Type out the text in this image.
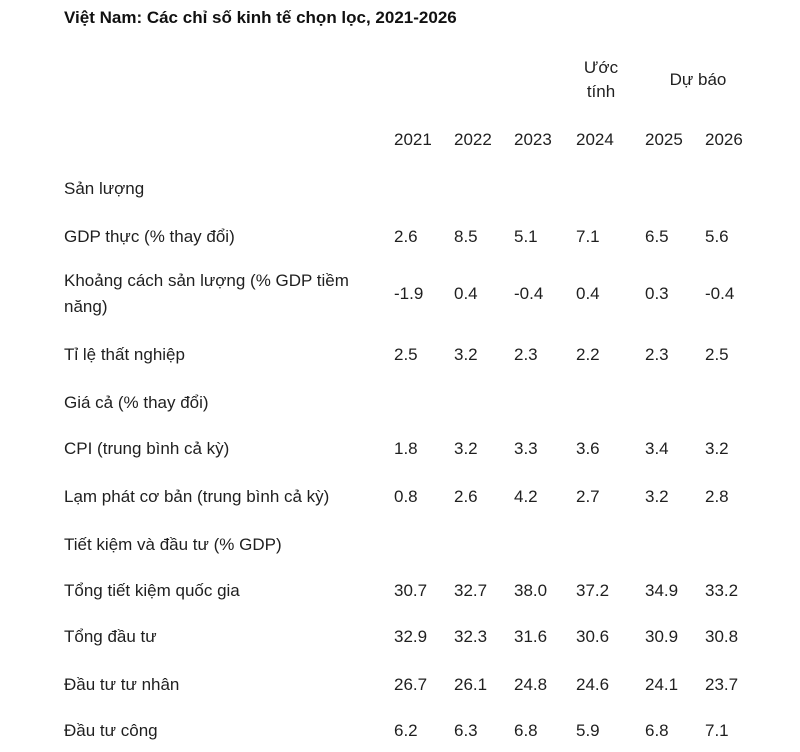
Việt Nam: Các chỉ số kinh tế chọn lọc, 2021-2026
Ước
tính
Dự báo
2021 2022 2023 2024 2025 2026
Sản lượng
GDP thực (% thay đổi)	2.6 8.5 5.1 7.1	6.5 5.6
Khoảng cách sản lượng (% GDP tiềm năng)
-1.9 0.4 -0.4 0.4	0.3 -0.4
Tỉ lệ thất nghiệp	2.5 3.2 2.3 2.2	2.3 2.5
Giá cả (% thay đổi)
CPI (trung bình cả kỳ)	1.8 3.2 3.3 3.6	3.4 3.2
Lạm phát cơ bản (trung bình cả kỳ)	0.8 2.6 4.2 2.7	3.2 2.8
Tiết kiệm và đầu tư (% GDP)
Tổng tiết kiệm quốc gia	30.7 32.7 38.0 37.2 34.9 33.2
Tổng đầu tư	32.9 32.3 31.6 30.6 30.9 30.8
Đầu tư tư nhân	26.7 26.1 24.8 24.6 24.1 23.7
Đầu tư công	6.2 6.3 6.8 5.9	6.8 7.1
